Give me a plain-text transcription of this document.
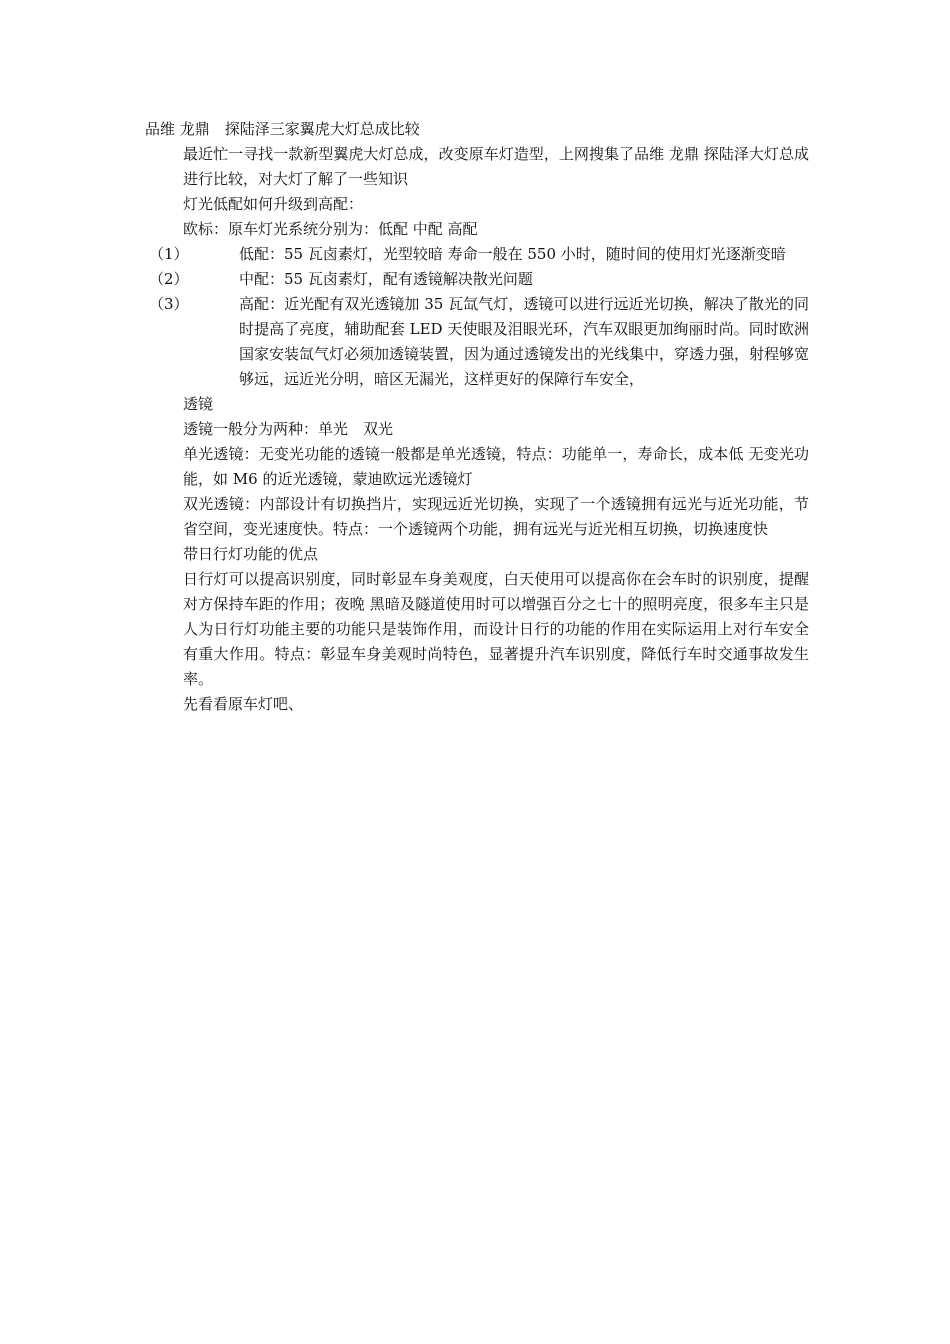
品维 龙鼎　探陆泽三家翼虎大灯总成比较

最近忙一寻找一款新型翼虎大灯总成，改变原车灯造型，上网搜集了品维 龙鼎 探陆泽大灯总成进行比较，对大灯了解了一些知识

灯光低配如何升级到高配：

欧标：原车灯光系统分别为：低配 中配 高配

（1）	低配：55 瓦卤素灯，光型较暗 寿命一般在 550 小时，随时间的使用灯光逐渐变暗
（2）	中配：55 瓦卤素灯，配有透镜解决散光问题
（3）	高配：近光配有双光透镜加 35 瓦氙气灯，透镜可以进行远近光切换，解决了散光的同时提高了亮度，辅助配套 LED 天使眼及泪眼光环，汽车双眼更加绚丽时尚。同时欧洲国家安装氙气灯必须加透镜装置，因为通过透镜发出的光线集中，穿透力强，射程够宽够远，远近光分明，暗区无漏光，这样更好的保障行车安全，

透镜

透镜一般分为两种：单光　双光

单光透镜：无变光功能的透镜一般都是单光透镜，特点：功能单一，寿命长，成本低 无变光功能，如 M6 的近光透镜，蒙迪欧远光透镜灯

双光透镜：内部设计有切换挡片，实现远近光切换，实现了一个透镜拥有远光与近光功能，节省空间，变光速度快。特点：一个透镜两个功能，拥有远光与近光相互切换，切换速度快

带日行灯功能的优点

日行灯可以提高识别度，同时彰显车身美观度，白天使用可以提高你在会车时的识别度，提醒对方保持车距的作用；夜晚 黑暗及隧道使用时可以增强百分之七十的照明亮度，很多车主只是人为日行灯功能主要的功能只是装饰作用，而设计日行的功能的作用在实际运用上对行车安全有重大作用。特点：彰显车身美观时尚特色，显著提升汽车识别度，降低行车时交通事故发生率。

先看看原车灯吧、
